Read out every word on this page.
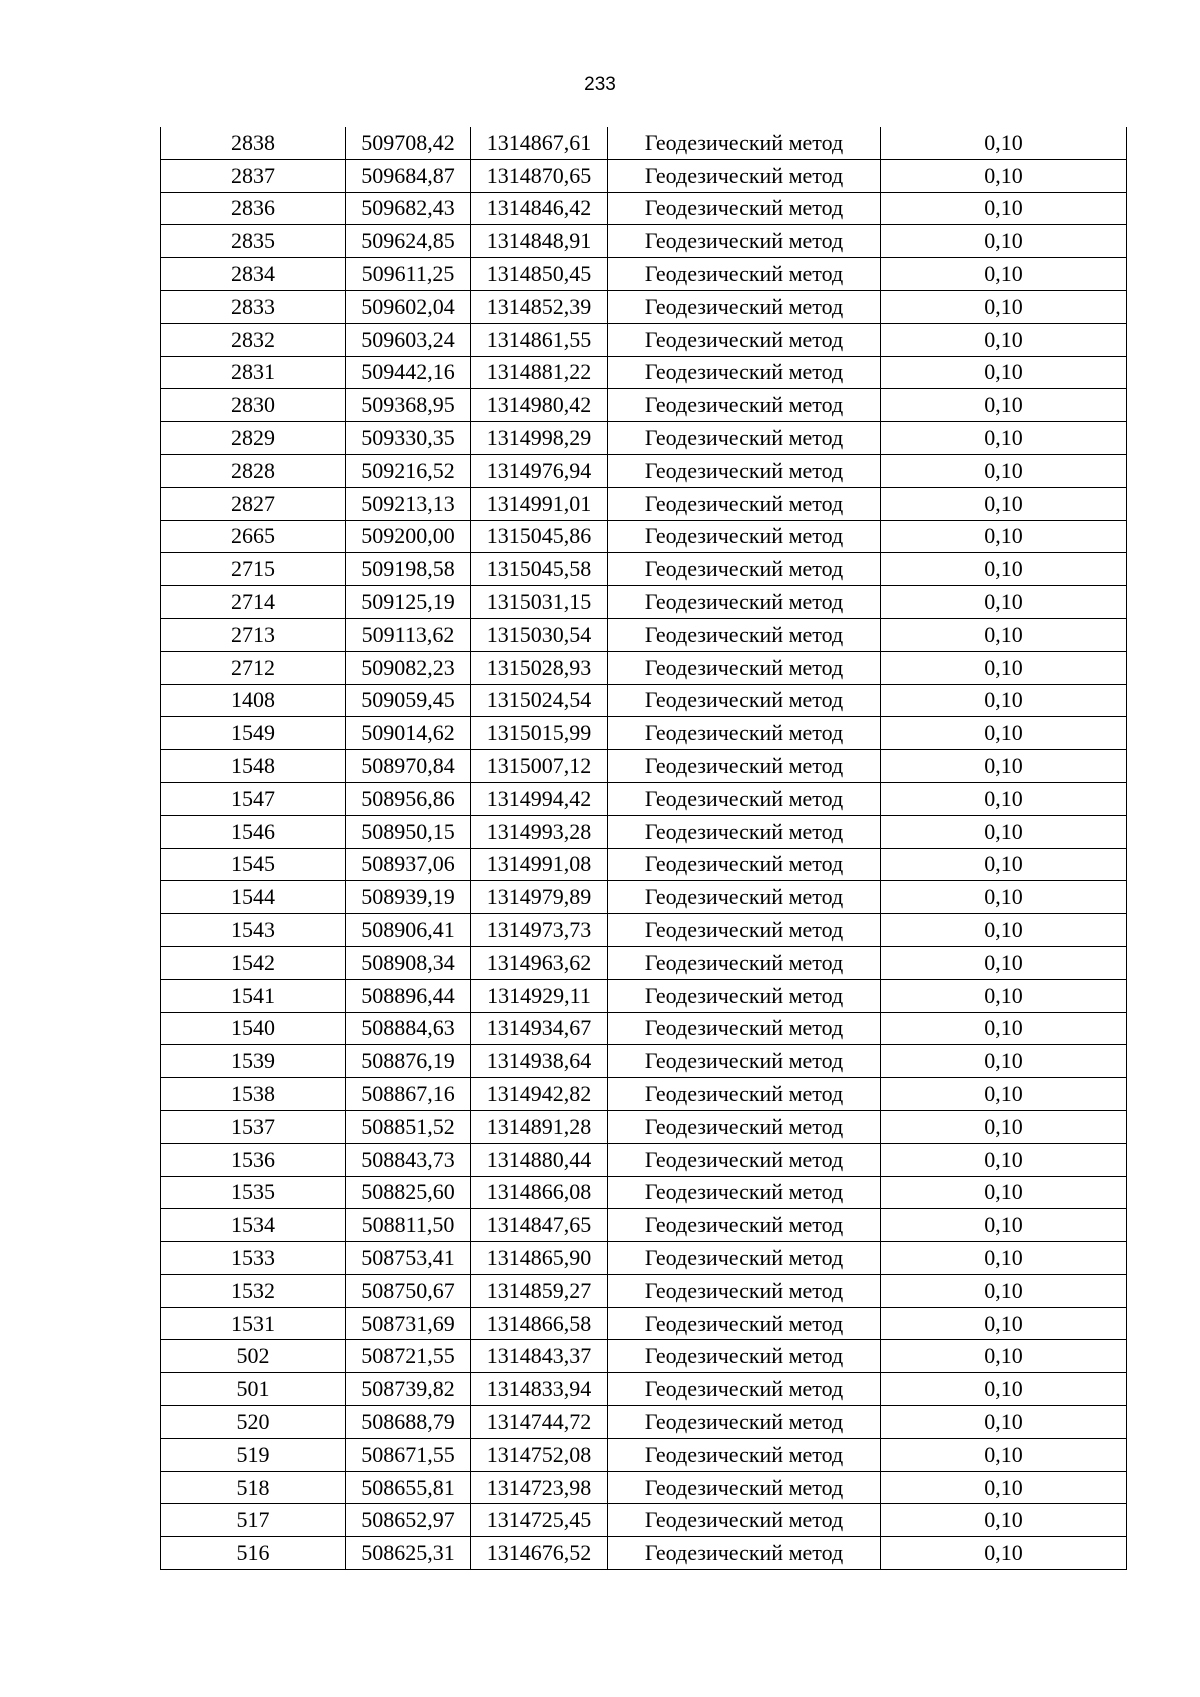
233
2838	509708,42	1314867,61	Геодезический метод	0,10
2837	509684,87	1314870,65	Геодезический метод	0,10
2836	509682,43	1314846,42	Геодезический метод	0,10
2835	509624,85	1314848,91	Геодезический метод	0,10
2834	509611,25	1314850,45	Геодезический метод	0,10
2833	509602,04	1314852,39	Геодезический метод	0,10
2832	509603,24	1314861,55	Геодезический метод	0,10
2831	509442,16	1314881,22	Геодезический метод	0,10
2830	509368,95	1314980,42	Геодезический метод	0,10
2829	509330,35	1314998,29	Геодезический метод	0,10
2828	509216,52	1314976,94	Геодезический метод	0,10
2827	509213,13	1314991,01	Геодезический метод	0,10
2665	509200,00	1315045,86	Геодезический метод	0,10
2715	509198,58	1315045,58	Геодезический метод	0,10
2714	509125,19	1315031,15	Геодезический метод	0,10
2713	509113,62	1315030,54	Геодезический метод	0,10
2712	509082,23	1315028,93	Геодезический метод	0,10
1408	509059,45	1315024,54	Геодезический метод	0,10
1549	509014,62	1315015,99	Геодезический метод	0,10
1548	508970,84	1315007,12	Геодезический метод	0,10
1547	508956,86	1314994,42	Геодезический метод	0,10
1546	508950,15	1314993,28	Геодезический метод	0,10
1545	508937,06	1314991,08	Геодезический метод	0,10
1544	508939,19	1314979,89	Геодезический метод	0,10
1543	508906,41	1314973,73	Геодезический метод	0,10
1542	508908,34	1314963,62	Геодезический метод	0,10
1541	508896,44	1314929,11	Геодезический метод	0,10
1540	508884,63	1314934,67	Геодезический метод	0,10
1539	508876,19	1314938,64	Геодезический метод	0,10
1538	508867,16	1314942,82	Геодезический метод	0,10
1537	508851,52	1314891,28	Геодезический метод	0,10
1536	508843,73	1314880,44	Геодезический метод	0,10
1535	508825,60	1314866,08	Геодезический метод	0,10
1534	508811,50	1314847,65	Геодезический метод	0,10
1533	508753,41	1314865,90	Геодезический метод	0,10
1532	508750,67	1314859,27	Геодезический метод	0,10
1531	508731,69	1314866,58	Геодезический метод	0,10
502	508721,55	1314843,37	Геодезический метод	0,10
501	508739,82	1314833,94	Геодезический метод	0,10
520	508688,79	1314744,72	Геодезический метод	0,10
519	508671,55	1314752,08	Геодезический метод	0,10
518	508655,81	1314723,98	Геодезический метод	0,10
517	508652,97	1314725,45	Геодезический метод	0,10
516	508625,31	1314676,52	Геодезический метод	0,10
